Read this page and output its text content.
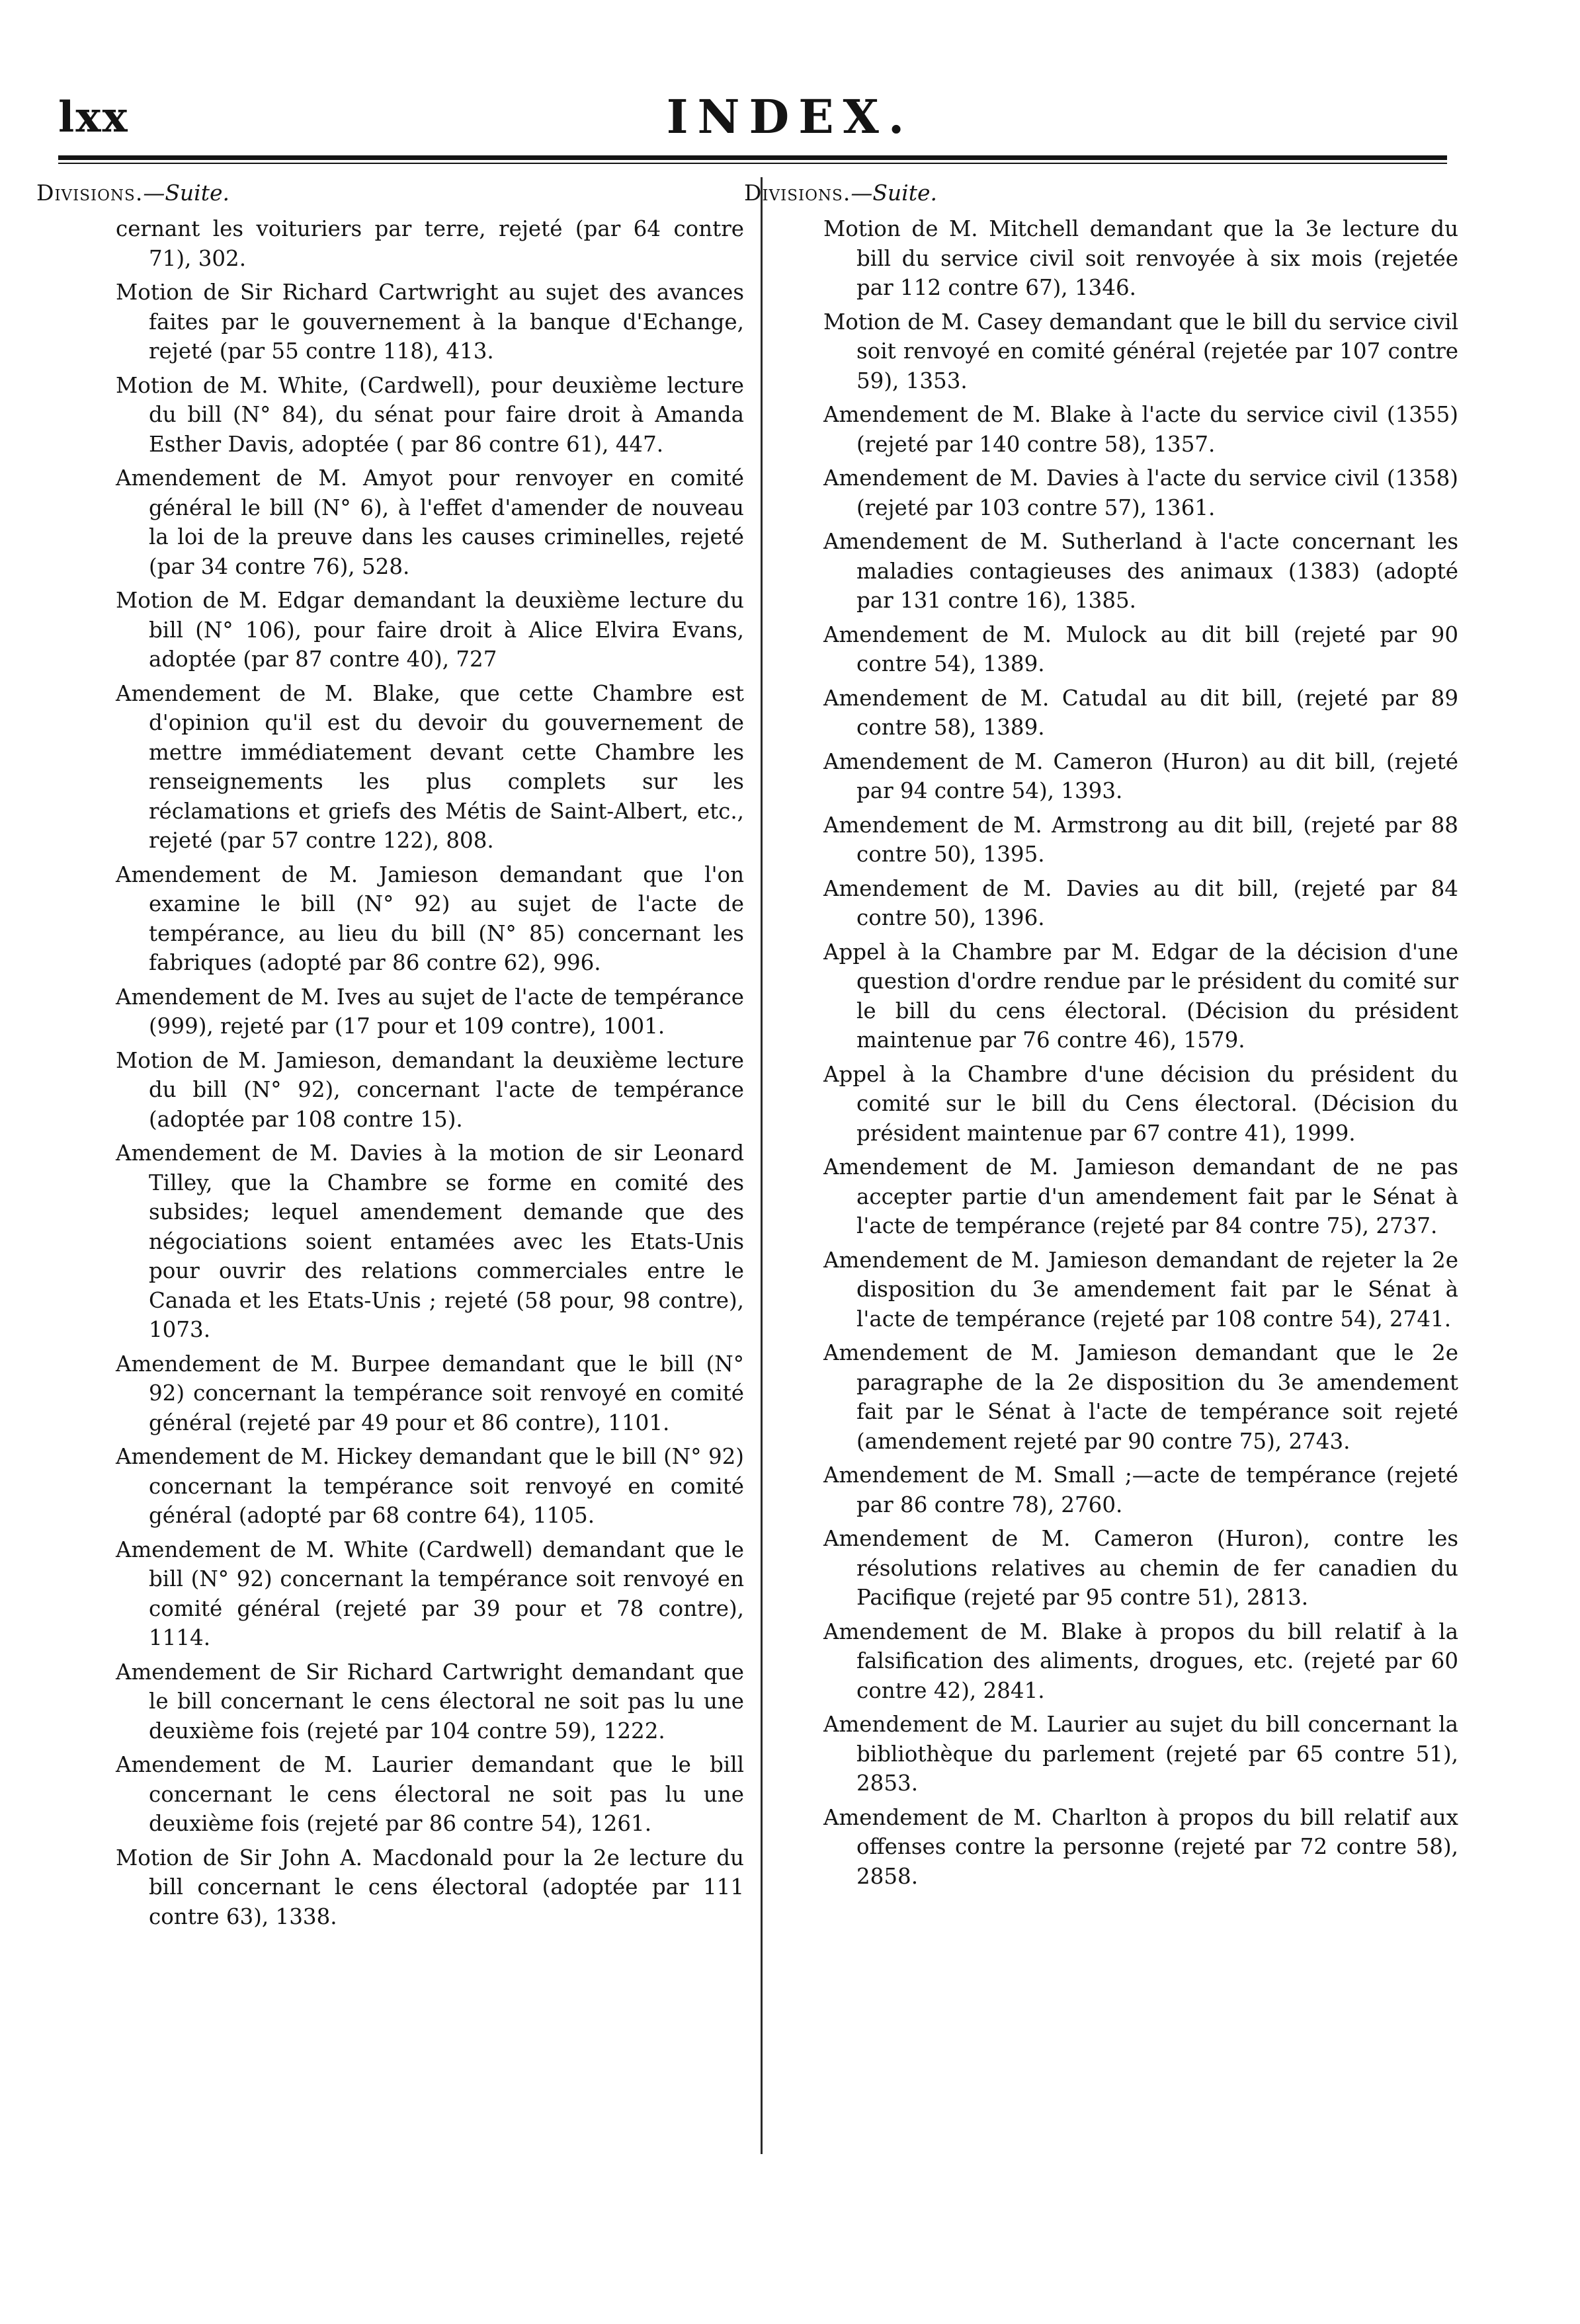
lxx	INDEX.
Divisions.—Suite.

cernant les voituriers par terre, rejeté (par 64 contre 71), 302.

Motion de Sir Richard Cartwright au sujet des avances faites par le gouvernement à la banque d'Echange, rejeté (par 55 contre 118), 413.

Motion de M. White, (Cardwell), pour deuxième lecture du bill (N° 84), du sénat pour faire droit à Amanda Esther Davis, adoptée ( par 86 contre 61), 447.

Amendement de M. Amyot pour renvoyer en comité général le bill (N° 6), à l'effet d'amender de nouveau la loi de la preuve dans les causes criminelles, rejeté (par 34 contre 76), 528.

Motion de M. Edgar demandant la deuxième lecture du bill (N° 106), pour faire droit à Alice Elvira Evans, adoptée (par 87 contre 40), 727

Amendement de M. Blake, que cette Chambre est d'opinion qu'il est du devoir du gouvernement de mettre immédiatement devant cette Chambre les renseignements les plus complets sur les réclamations et griefs des Métis de Saint-Albert, etc., rejeté (par 57 contre 122), 808.

Amendement de M. Jamieson demandant que l'on examine le bill (N° 92) au sujet de l'acte de tempérance, au lieu du bill (N° 85) concernant les fabriques (adopté par 86 contre 62), 996.

Amendement de M. Ives au sujet de l'acte de tempérance (999), rejeté par (17 pour et 109 contre), 1001.

Motion de M. Jamieson, demandant la deuxième lecture du bill (N° 92), concernant l'acte de tempérance (adoptée par 108 contre 15).

Amendement de M. Davies à la motion de sir Leonard Tilley, que la Chambre se forme en comité des subsides; lequel amendement demande que des négociations soient entamées avec les Etats-Unis pour ouvrir des relations commerciales entre le Canada et les Etats-Unis ; rejeté (58 pour, 98 contre), 1073.

Amendement de M. Burpee demandant que le bill (N° 92) concernant la tempérance soit renvoyé en comité général (rejeté par 49 pour et 86 contre), 1101.

Amendement de M. Hickey demandant que le bill (N° 92) concernant la tempérance soit renvoyé en comité général (adopté par 68 contre 64), 1105.

Amendement de M. White (Cardwell) demandant que le bill (N° 92) concernant la tempérance soit renvoyé en comité général (rejeté par 39 pour et 78 contre), 1114.

Amendement de Sir Richard Cartwright demandant que le bill concernant le cens électoral ne soit pas lu une deuxième fois (rejeté par 104 contre 59), 1222.

Amendement de M. Laurier demandant que le bill concernant le cens électoral ne soit pas lu une deuxième fois (rejeté par 86 contre 54), 1261.

Motion de Sir John A. Macdonald pour la 2e lecture du bill concernant le cens électoral (adoptée par 111 contre 63), 1338.

Divisions.—Suite.

Motion de M. Mitchell demandant que la 3e lecture du bill du service civil soit renvoyée à six mois (rejetée par 112 contre 67), 1346.

Motion de M. Casey demandant que le bill du service civil soit renvoyé en comité général (rejetée par 107 contre 59), 1353.

Amendement de M. Blake à l'acte du service civil (1355) (rejeté par 140 contre 58), 1357.

Amendement de M. Davies à l'acte du service civil (1358) (rejeté par 103 contre 57), 1361.

Amendement de M. Sutherland à l'acte concernant les maladies contagieuses des animaux (1383) (adopté par 131 contre 16), 1385.

Amendement de M. Mulock au dit bill (rejeté par 90 contre 54), 1389.

Amendement de M. Catudal au dit bill, (rejeté par 89 contre 58), 1389.

Amendement de M. Cameron (Huron) au dit bill, (rejeté par 94 contre 54), 1393.

Amendement de M. Armstrong au dit bill, (rejeté par 88 contre 50), 1395.

Amendement de M. Davies au dit bill, (rejeté par 84 contre 50), 1396.

Appel à la Chambre par M. Edgar de la décision d'une question d'ordre rendue par le président du comité sur le bill du cens électoral. (Décision du président maintenue par 76 contre 46), 1579.

Appel à la Chambre d'une décision du président du comité sur le bill du Cens électoral. (Décision du président maintenue par 67 contre 41), 1999.

Amendement de M. Jamieson demandant de ne pas accepter partie d'un amendement fait par le Sénat à l'acte de tempérance (rejeté par 84 contre 75), 2737.

Amendement de M. Jamieson demandant de rejeter la 2e disposition du 3e amendement fait par le Sénat à l'acte de tempérance (rejeté par 108 contre 54), 2741.

Amendement de M. Jamieson demandant que le 2e paragraphe de la 2e disposition du 3e amendement fait par le Sénat à l'acte de tempérance soit rejeté (amendement rejeté par 90 contre 75), 2743.

Amendement de M. Small ;—acte de tempérance (rejeté par 86 contre 78), 2760.

Amendement de M. Cameron (Huron), contre les résolutions relatives au chemin de fer canadien du Pacifique (rejeté par 95 contre 51), 2813.

Amendement de M. Blake à propos du bill relatif à la falsification des aliments, drogues, etc. (rejeté par 60 contre 42), 2841.

Amendement de M. Laurier au sujet du bill concernant la bibliothèque du parlement (rejeté par 65 contre 51), 2853.

Amendement de M. Charlton à propos du bill relatif aux offenses contre la personne (rejeté par 72 contre 58), 2858.
